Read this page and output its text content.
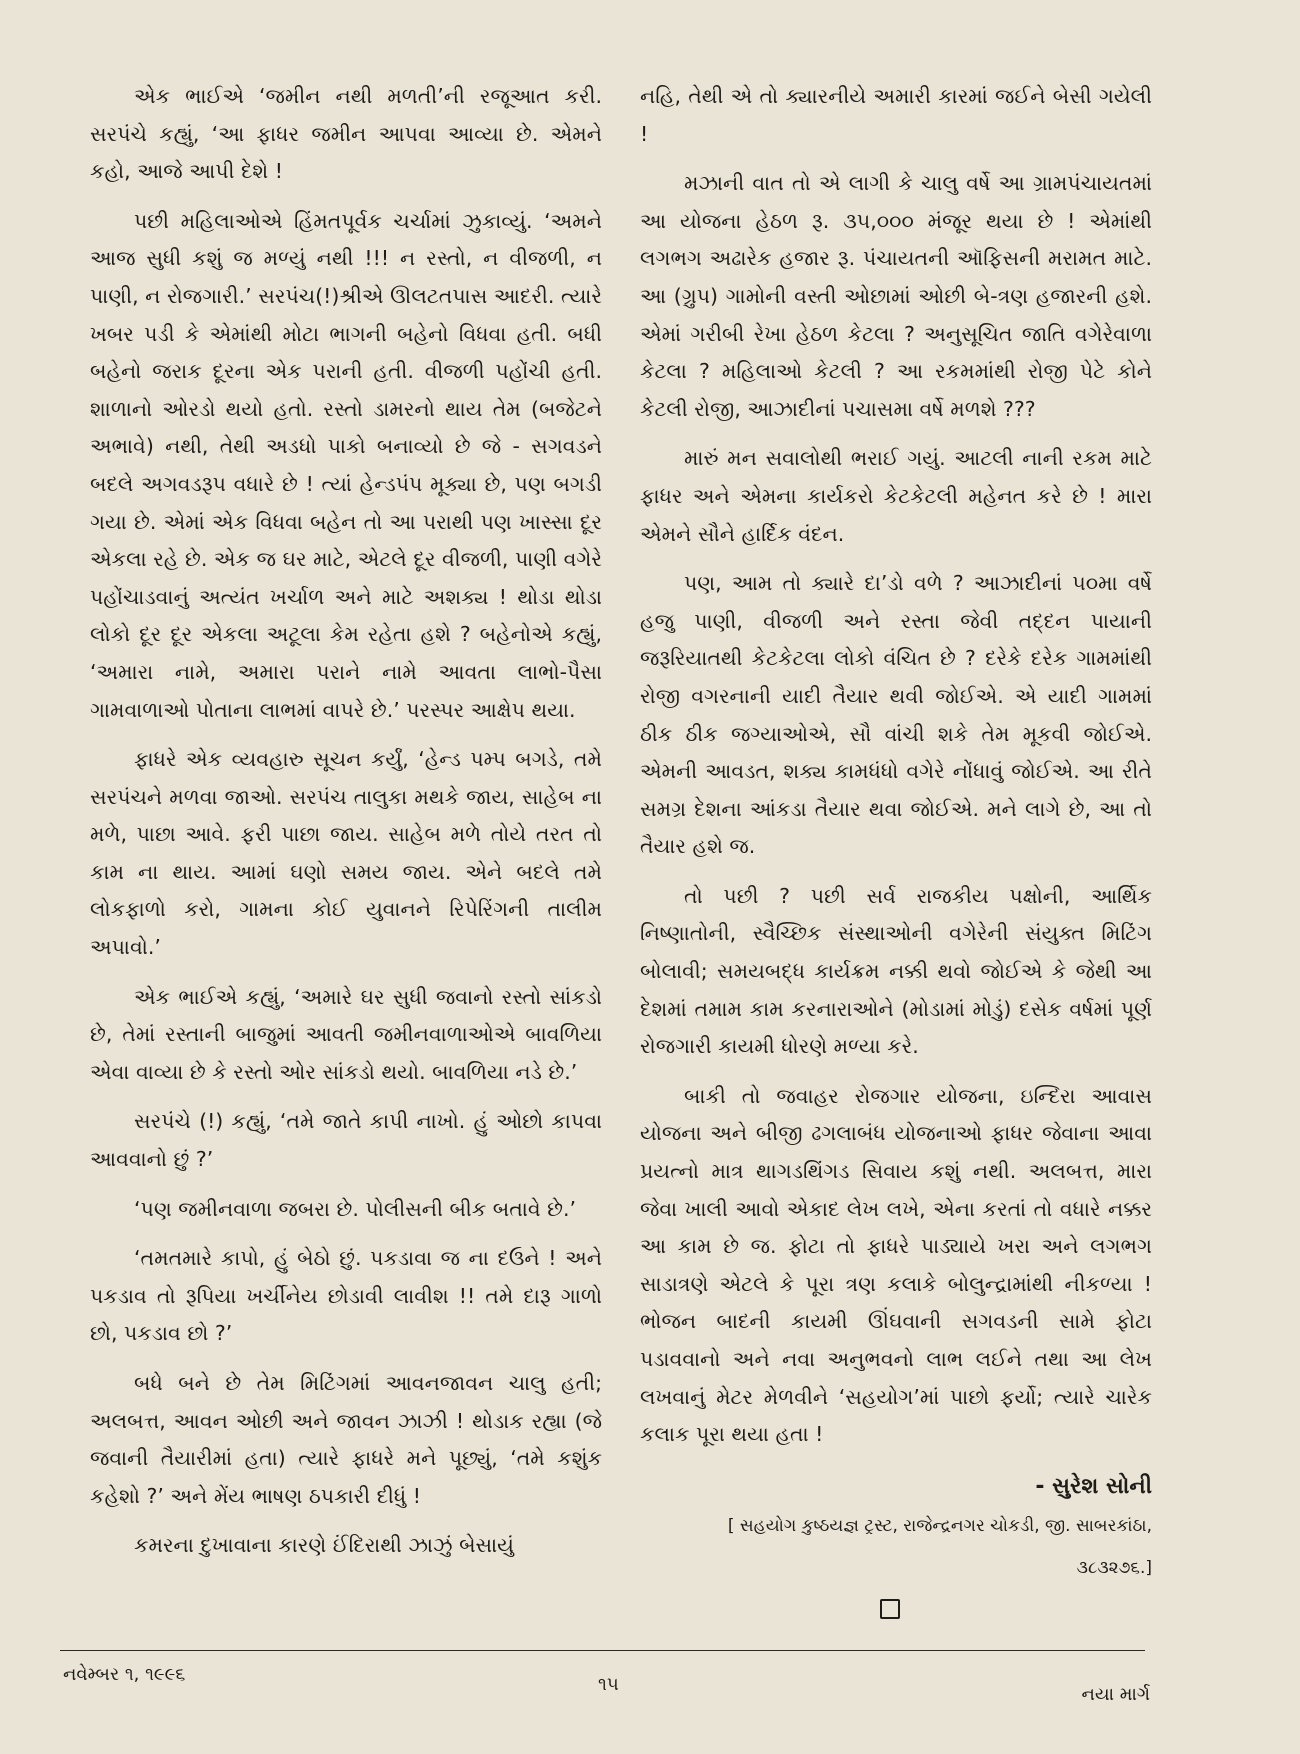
એક ભાઈએ ‘જમીન નથી મળતી’ની રજૂઆત કરી. સરપંચે કહ્યું, ‘આ ફાધર જમીન આપવા આવ્યા છે. એમને કહો, આજે આપી દેશે !

પછી મહિલાઓએ હિંમતપૂર્વક ચર્ચામાં ઝુકાવ્યું. ‘અમને આજ સુધી કશું જ મળ્યું નથી !!! ન રસ્તો, ન વીજળી, ન પાણી, ન રોજગારી.’ સરપંચ(!)શ્રીએ ઊલટતપાસ આદરી. ત્યારે ખબર પડી કે એમાંથી મોટા ભાગની બહેનો વિધવા હતી. બધી બહેનો જરાક દૂરના એક પરાની હતી. વીજળી પહોંચી હતી. શાળાનો ઓરડો થયો હતો. રસ્તો ડામરનો થાય તેમ (બજેટને અભાવે) નથી, તેથી અડધો પાકો બનાવ્યો છે જે - સગવડને બદલે અગવડરૂપ વધારે છે ! ત્યાં હેન્ડપંપ મૂક્યા છે, પણ બગડી ગયા છે. એમાં એક વિધવા બહેન તો આ પરાથી પણ ખાસ્સા દૂર એકલા રહે છે. એક જ ઘર માટે, એટલે દૂર વીજળી, પાણી વગેરે પહોંચાડવાનું અત્યંત ખર્ચાળ અને માટે અશક્ય ! થોડા થોડા લોકો દૂર દૂર એકલા અટૂલા કેમ રહેતા હશે ? બહેનોએ કહ્યું, ‘અમારા નામે, અમારા પરાને નામે આવતા લાભો-પૈસા ગામવાળાઓ પોતાના લાભમાં વાપરે છે.’ પરસ્પર આક્ષેપ થયા.

ફાધરે એક વ્યવહારુ સૂચન કર્યું, ‘હેન્ડ પમ્પ બગડે, તમે સરપંચને મળવા જાઓ. સરપંચ તાલુકા મથકે જાય, સાહેબ ના મળે, પાછા આવે. ફરી પાછા જાય. સાહેબ મળે તોયે તરત તો કામ ના થાય. આમાં ઘણો સમય જાય. એને બદલે તમે લોકફાળો કરો, ગામના કોઈ યુવાનને રિપેરિંગની તાલીમ અપાવો.’

એક ભાઈએ કહ્યું, ‘અમારે ઘર સુધી જવાનો રસ્તો સાંકડો છે, તેમાં રસ્તાની બાજુમાં આવતી જમીનવાળાઓએ બાવળિયા એવા વાવ્યા છે કે રસ્તો ઓર સાંકડો થયો. બાવળિયા નડે છે.’

સરપંચે (!) કહ્યું, ‘તમે જાતે કાપી નાખો. હું ઓછો કાપવા આવવાનો છું ?’

‘પણ જમીનવાળા જબરા છે. પોલીસની બીક બતાવે છે.’

‘તમતમારે કાપો, હું બેઠો છું. પકડાવા જ ના દઉને ! અને પકડાવ તો રૂપિયા ખર્ચીનેય છોડાવી લાવીશ !! તમે દારૂ ગાળો છો, પકડાવ છો ?’

બધે બને છે તેમ મિટિંગમાં આવનજાવન ચાલુ હતી; અલબત્ત, આવન ઓછી અને જાવન ઝાઝી ! થોડાક રહ્યા (જે જવાની તૈયારીમાં હતા) ત્યારે ફાધરે મને પૂછ્યું, ‘તમે કશુંક કહેશો ?’ અને મેંય ભાષણ ઠપકારી દીધું !

કમરના દુખાવાના કારણે ઈંદિરાથી ઝાઝું બેસાયું

નહિ, તેથી એ તો ક્યારનીયે અમારી કારમાં જઈને બેસી ગયેલી !

મઝાની વાત તો એ લાગી કે ચાલુ વર્ષે આ ગ્રામપંચાયતમાં આ યોજના હેઠળ રૂ. ૩૫,૦૦૦ મંજૂર થયા છે ! એમાંથી લગભગ અઢારેક હજાર રૂ. પંચાયતની ઑફિસની મરામત માટે. આ (ગ્રુપ) ગામોની વસ્તી ઓછામાં ઓછી બે-ત્રણ હજારની હશે. એમાં ગરીબી રેખા હેઠળ કેટલા ? અનુસૂચિત જાતિ વગેરેવાળા કેટલા ? મહિલાઓ કેટલી ? આ રકમમાંથી રોજી પેટે કોને કેટલી રોજી, આઝાદીનાં પચાસમા વર્ષે મળશે ???

મારું મન સવાલોથી ભરાઈ ગયું. આટલી નાની રકમ માટે ફાધર અને એમના કાર્યકરો કેટકેટલી મહેનત કરે છે ! મારા એમને સૌને હાર્દિક વંદન.

પણ, આમ તો ક્યારે દા’ડો વળે ? આઝાદીનાં ૫૦મા વર્ષે હજુ પાણી, વીજળી અને રસ્તા જેવી તદ્દન પાયાની જરૂરિયાતથી કેટકેટલા લોકો વંચિત છે ? દરેકે દરેક ગામમાંથી રોજી વગરનાની યાદી તૈયાર થવી જોઈએ. એ યાદી ગામમાં ઠીક ઠીક જગ્યાઓએ, સૌ વાંચી શકે તેમ મૂકવી જોઈએ. એમની આવડત, શક્ય કામધંધો વગેરે નોંધાવું જોઈએ. આ રીતે સમગ્ર દેશના આંકડા તૈયાર થવા જોઈએ. મને લાગે છે, આ તો તૈયાર હશે જ.

તો પછી ? પછી સર્વ રાજકીય પક્ષોની, આર્થિક નિષ્ણાતોની, સ્વૈચ્છિક સંસ્થાઓની વગેરેની સંયુક્ત મિટિંગ બોલાવી; સમયબદ્ધ કાર્યક્રમ નક્કી થવો જોઈએ કે જેથી આ દેશમાં તમામ કામ કરનારાઓને (મોડામાં મોડું) દસેક વર્ષમાં પૂર્ણ રોજગારી કાયમી ધોરણે મળ્યા કરે.

બાકી તો જવાહર રોજગાર યોજના, ઇન્દિરા આવાસ યોજના અને બીજી ઢગલાબંધ યોજનાઓ ફાધર જેવાના આવા પ્રયત્નો માત્ર થાગડથિંગડ સિવાય કશું નથી. અલબત્ત, મારા જેવા ખાલી આવો એકાદ લેખ લખે, એના કરતાં તો વધારે નક્કર આ કામ છે જ. ફોટા તો ફાધરે પાડ્યાયે ખરા અને લગભગ સાડાત્રણે એટલે કે પૂરા ત્રણ કલાકે બોલુન્દ્રામાંથી નીકળ્યા ! ભોજન બાદની કાયમી ઊંઘવાની સગવડની સામે ફોટા પડાવવાનો અને નવા અનુભવનો લાભ લઈને તથા આ લેખ લખવાનું મેટર મેળવીને ‘સહયોગ’માં પાછો ફર્યો; ત્યારે ચારેક કલાક પૂરા થયા હતા !

- સુરેશ સોની

[ સહયોગ કુષ્ઠયજ્ઞ ટ્રસ્ટ, રાજેન્દ્રનગર ચોકડી, જી. સાબરકાંઠા,

૩૮૩૨૭૬.]

નવેમ્બર ૧, ૧૯૯૬	૧૫	નયા માર્ગ
